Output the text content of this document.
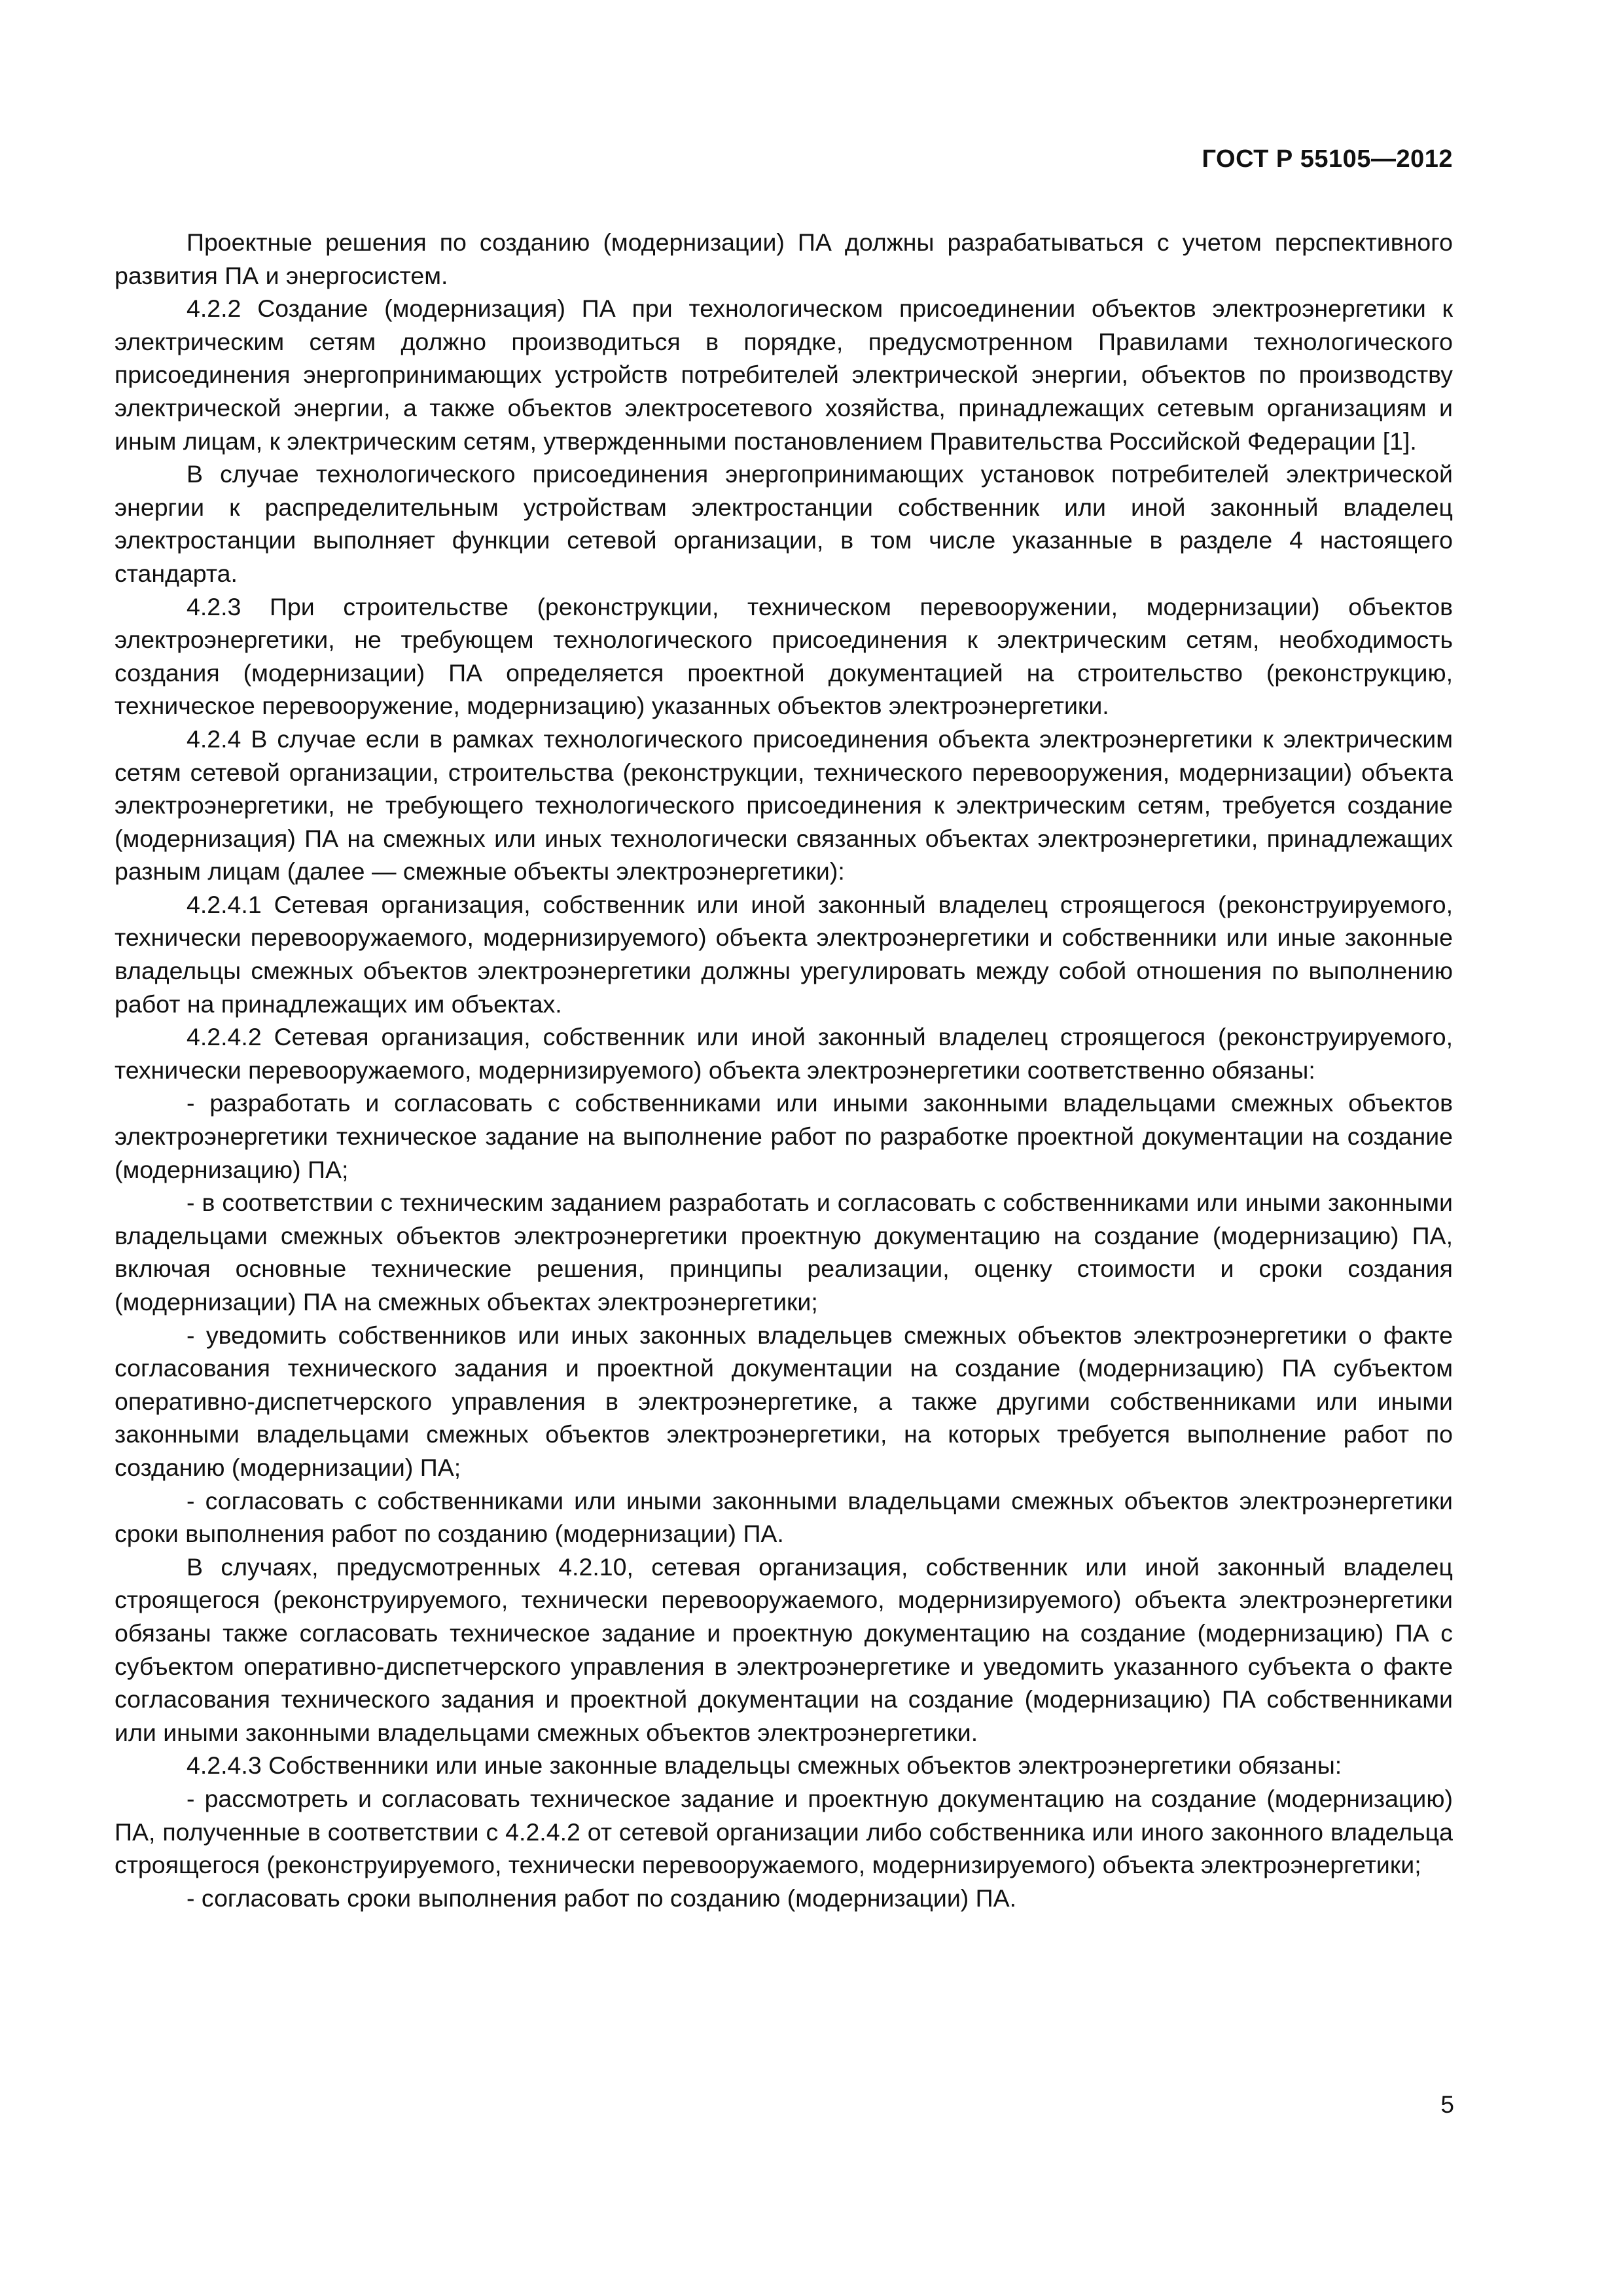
ГОСТ Р 55105—2012

Проектные решения по созданию (модернизации) ПА должны разрабатываться с учетом перспективного развития ПА и энергосистем.

4.2.2 Создание (модернизация) ПА при технологическом присоединении объектов электроэнергетики к электрическим сетям должно производиться в порядке, предусмотренном Правилами технологического присоединения энергопринимающих устройств потребителей электрической энергии, объектов по производству электрической энергии, а также объектов электросетевого хозяйства, принадлежащих сетевым организациям и иным лицам, к электрическим сетям, утвержденными постановлением Правительства Российской Федерации [1].

В случае технологического присоединения энергопринимающих установок потребителей электрической энергии к распределительным устройствам электростанции собственник или иной законный владелец электростанции выполняет функции сетевой организации, в том числе указанные в разделе 4 настоящего стандарта.

4.2.3 При строительстве (реконструкции, техническом перевооружении, модернизации) объектов электроэнергетики, не требующем технологического присоединения к электрическим сетям, необходимость создания (модернизации) ПА определяется проектной документацией на строительство (реконструкцию, техническое перевооружение, модернизацию) указанных объектов электроэнергетики.

4.2.4 В случае если в рамках технологического присоединения объекта электроэнергетики к электрическим сетям сетевой организации, строительства (реконструкции, технического перевооружения, модернизации) объекта электроэнергетики, не требующего технологического присоединения к электрическим сетям, требуется создание (модернизация) ПА на смежных или иных технологически связанных объектах электроэнергетики, принадлежащих разным лицам (далее — смежные объекты электроэнергетики):

4.2.4.1 Сетевая организация, собственник или иной законный владелец строящегося (реконструируемого, технически перевооружаемого, модернизируемого) объекта электроэнергетики и собственники или иные законные владельцы смежных объектов электроэнергетики должны урегулировать между собой отношения по выполнению работ на принадлежащих им объектах.

4.2.4.2 Сетевая организация, собственник или иной законный владелец строящегося (реконструируемого, технически перевооружаемого, модернизируемого) объекта электроэнергетики соответственно обязаны:

- разработать и согласовать с собственниками или иными законными владельцами смежных объектов электроэнергетики техническое задание на выполнение работ по разработке проектной документации на создание (модернизацию) ПА;

- в соответствии с техническим заданием разработать и согласовать с собственниками или иными законными владельцами смежных объектов электроэнергетики проектную документацию на создание (модернизацию) ПА, включая основные технические решения, принципы реализации, оценку стоимости и сроки создания (модернизации) ПА на смежных объектах электроэнергетики;

- уведомить собственников или иных законных владельцев смежных объектов электроэнергетики о факте согласования технического задания и проектной документации на создание (модернизацию) ПА субъектом оперативно-диспетчерского управления в электроэнергетике, а также другими собственниками или иными законными владельцами смежных объектов электроэнергетики, на которых требуется выполнение работ по созданию (модернизации) ПА;

- согласовать с собственниками или иными законными владельцами смежных объектов электроэнергетики сроки выполнения работ по созданию (модернизации) ПА.

В случаях, предусмотренных 4.2.10, сетевая организация, собственник или иной законный владелец строящегося (реконструируемого, технически перевооружаемого, модернизируемого) объекта электроэнергетики обязаны также согласовать техническое задание и проектную документацию на создание (модернизацию) ПА с субъектом оперативно-диспетчерского управления в электроэнергетике и уведомить указанного субъекта о факте согласования технического задания и проектной документации на создание (модернизацию) ПА собственниками или иными законными владельцами смежных объектов электроэнергетики.

4.2.4.3 Собственники или иные законные владельцы смежных объектов электроэнергетики обязаны:

- рассмотреть и согласовать техническое задание и проектную документацию на создание (модернизацию) ПА, полученные в соответствии с 4.2.4.2 от сетевой организации либо собственника или иного законного владельца строящегося (реконструируемого, технически перевооружаемого, модернизируемого) объекта электроэнергетики;

- согласовать сроки выполнения работ по созданию (модернизации) ПА.

5
